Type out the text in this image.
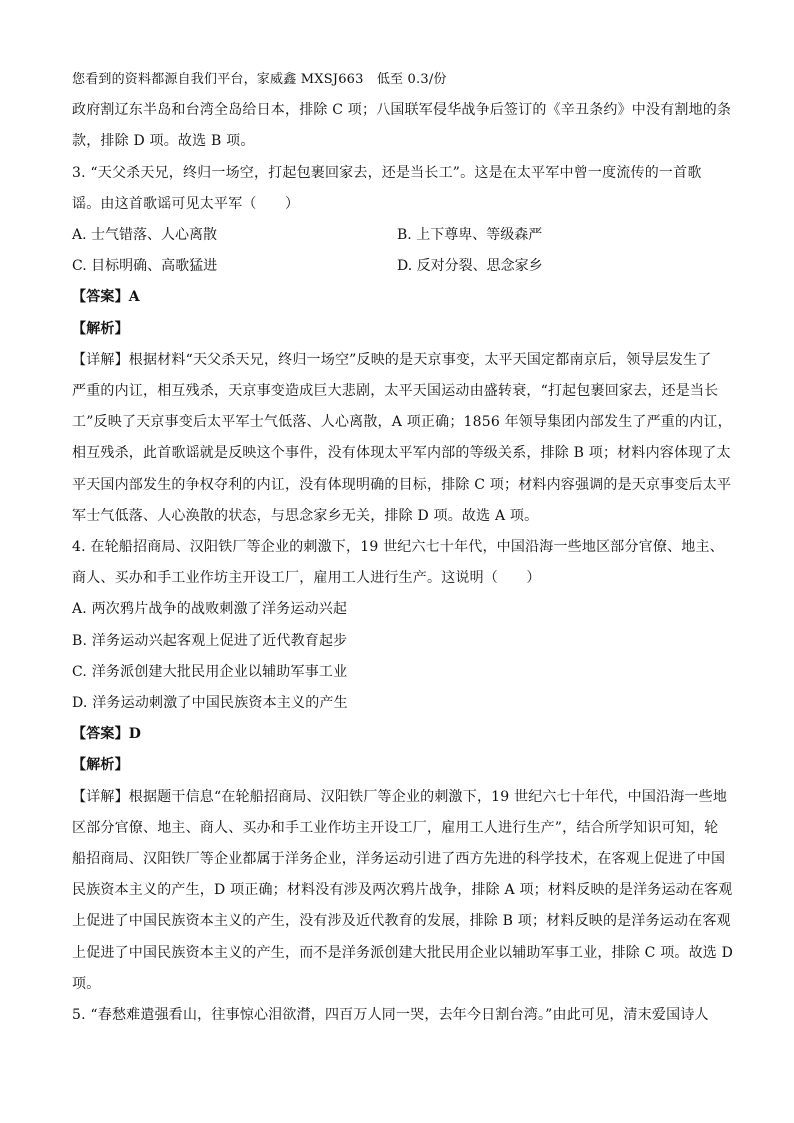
您看到的资料都源自我们平台，家威鑫 MXSJ663　低至 0.3/份
政府割辽东半岛和台湾全岛给日本，排除 C 项；八国联军侵华战争后签订的《辛丑条约》中没有割地的条
款，排除 D 项。故选 B 项。
3. “天父杀天兄，终归一场空，打起包裹回家去，还是当长工”。这是在太平军中曾一度流传的一首歌
谣。由这首歌谣可见太平军（　　）
A. 士气错落、人心离散	B. 上下尊卑、等级森严
C. 目标明确、高歌猛进	D. 反对分裂、思念家乡
【答案】A
【解析】
【详解】根据材料“天父杀天兄，终归一场空”反映的是天京事变，太平天国定都南京后，领导层发生了
严重的内讧，相互残杀，天京事变造成巨大悲剧，太平天国运动由盛转衰，“打起包裹回家去，还是当长
工”反映了天京事变后太平军士气低落、人心离散，A 项正确；1856 年领导集团内部发生了严重的内讧，
相互残杀，此首歌谣就是反映这个事件，没有体现太平军内部的等级关系，排除 B 项；材料内容体现了太
平天国内部发生的争权夺利的内讧，没有体现明确的目标，排除 C 项；材料内容强调的是天京事变后太平
军士气低落、人心涣散的状态，与思念家乡无关，排除 D 项。故选 A 项。
4. 在轮船招商局、汉阳铁厂等企业的刺激下，19 世纪六七十年代，中国沿海一些地区部分官僚、地主、
商人、买办和手工业作坊主开设工厂，雇用工人进行生产。这说明（　　）
A. 两次鸦片战争的战败刺激了洋务运动兴起
B. 洋务运动兴起客观上促进了近代教育起步
C. 洋务派创建大批民用企业以辅助军事工业
D. 洋务运动刺激了中国民族资本主义的产生
【答案】D
【解析】
【详解】根据题干信息“在轮船招商局、汉阳铁厂等企业的刺激下，19 世纪六七十年代，中国沿海一些地
区部分官僚、地主、商人、买办和手工业作坊主开设工厂，雇用工人进行生产”，结合所学知识可知，轮
船招商局、汉阳铁厂等企业都属于洋务企业，洋务运动引进了西方先进的科学技术，在客观上促进了中国
民族资本主义的产生，D 项正确；材料没有涉及两次鸦片战争，排除 A 项；材料反映的是洋务运动在客观
上促进了中国民族资本主义的产生，没有涉及近代教育的发展，排除 B 项；材料反映的是洋务运动在客观
上促进了中国民族资本主义的产生，而不是洋务派创建大批民用企业以辅助军事工业，排除 C 项。故选 D
项。
5. “春愁难遣强看山，往事惊心泪欲潸，四百万人同一哭，去年今日割台湾。”由此可见，清末爱国诗人
